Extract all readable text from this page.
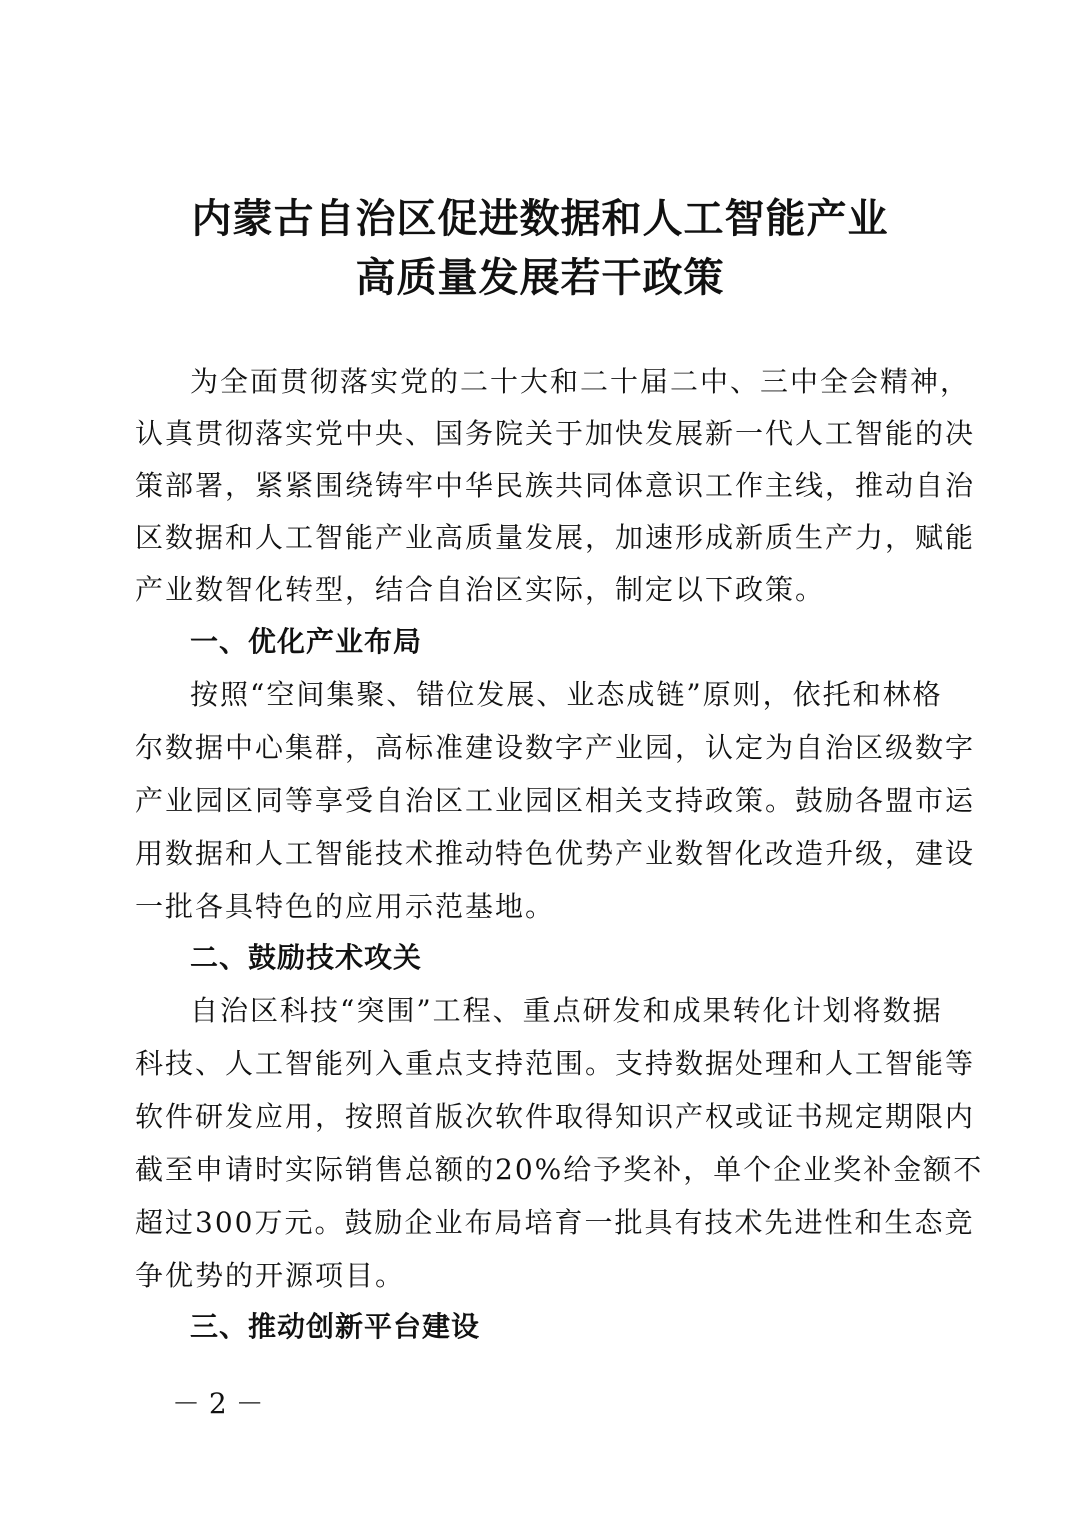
内蒙古自治区促进数据和人工智能产业
高质量发展若干政策

为全面贯彻落实党的二十大和二十届二中、三中全会精神，

认真贯彻落实党中央、国务院关于加快发展新一代人工智能的决

策部署，紧紧围绕铸牢中华民族共同体意识工作主线，推动自治

区数据和人工智能产业高质量发展，加速形成新质生产力，赋能

产业数智化转型，结合自治区实际，制定以下政策。

一、优化产业布局

按照“空间集聚、错位发展、业态成链”原则，依托和林格

尔数据中心集群，高标准建设数字产业园，认定为自治区级数字

产业园区同等享受自治区工业园区相关支持政策。鼓励各盟市运

用数据和人工智能技术推动特色优势产业数智化改造升级，建设

一批各具特色的应用示范基地。

二、鼓励技术攻关

自治区科技“突围”工程、重点研发和成果转化计划将数据

科技、人工智能列入重点支持范围。支持数据处理和人工智能等

软件研发应用，按照首版次软件取得知识产权或证书规定期限内

截至申请时实际销售总额的20%给予奖补，单个企业奖补金额不

超过300万元。鼓励企业布局培育一批具有技术先进性和生态竞

争优势的开源项目。

三、推动创新平台建设

－ 2 －
